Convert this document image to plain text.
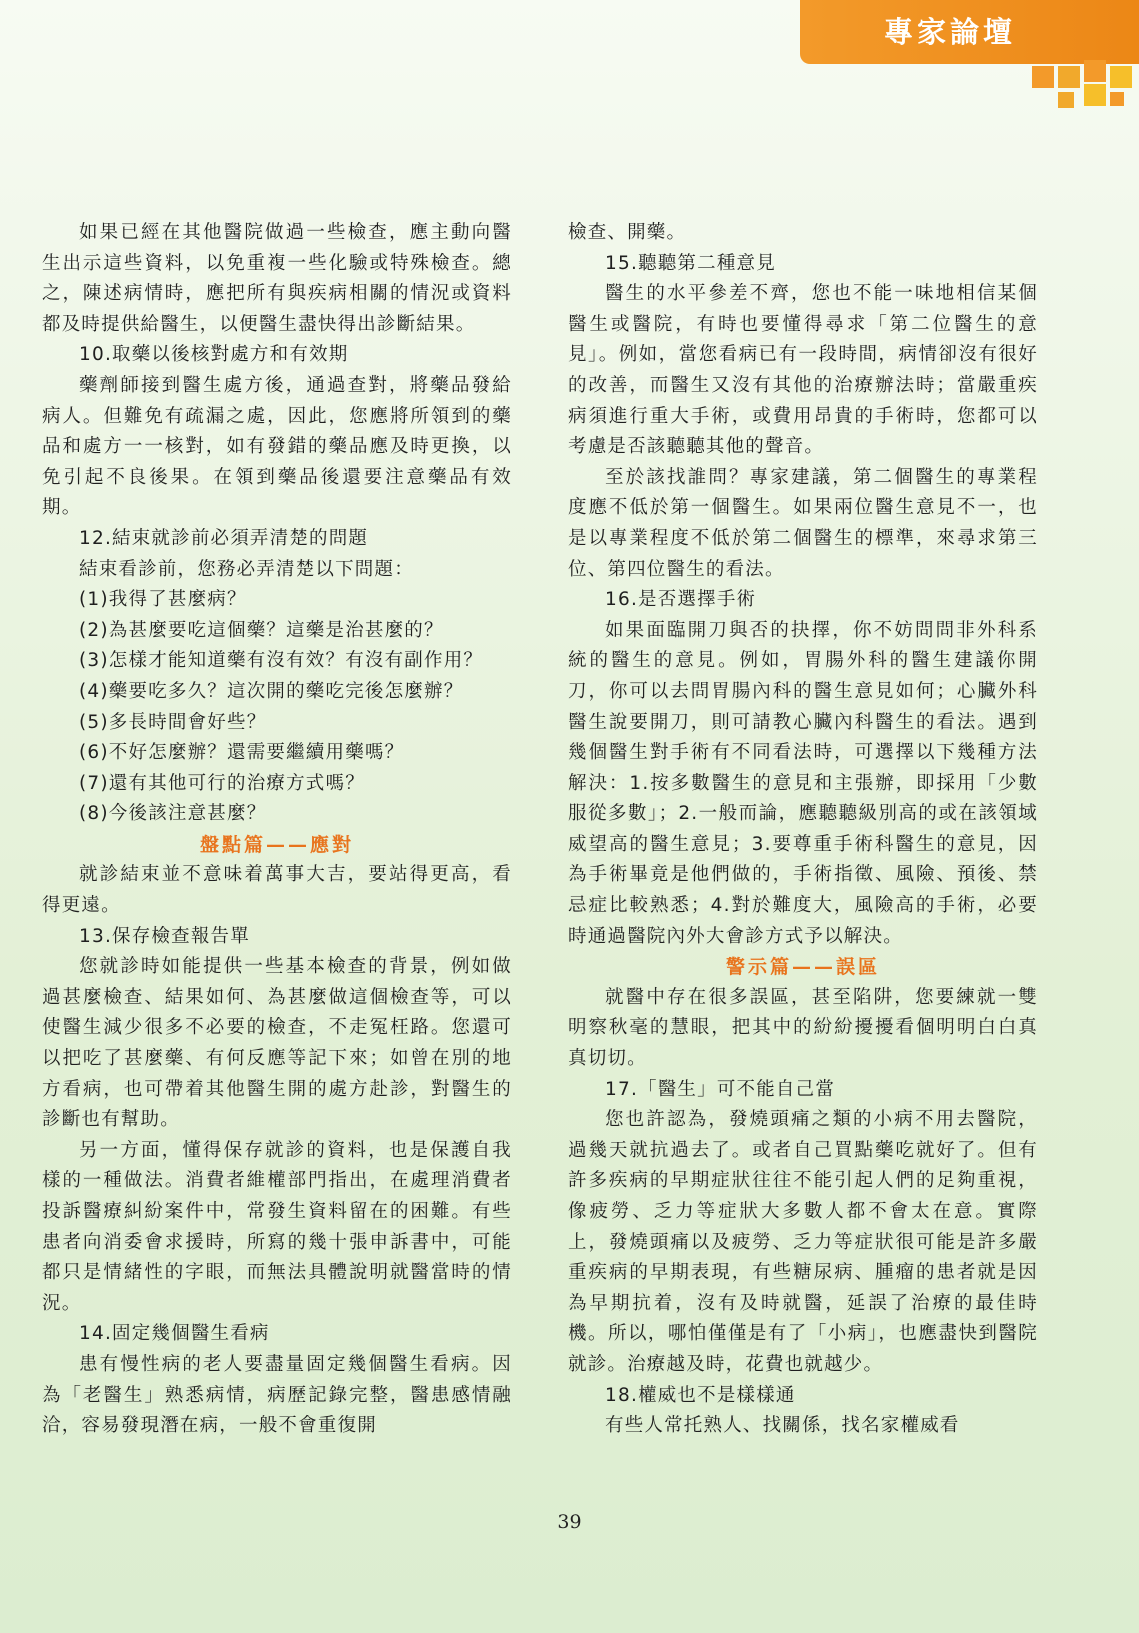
專家論壇

如果已經在其他醫院做過一些檢查，應主動向醫生出示這些資料，以免重複一些化驗或特殊檢查。總之，陳述病情時，應把所有與疾病相關的情況或資料都及時提供給醫生，以便醫生盡快得出診斷結果。

10.取藥以後核對處方和有效期

藥劑師接到醫生處方後，通過查對，將藥品發給病人。但難免有疏漏之處，因此，您應將所領到的藥品和處方一一核對，如有發錯的藥品應及時更換，以免引起不良後果。在領到藥品後還要注意藥品有效期。

12.結束就診前必須弄清楚的問題

結束看診前，您務必弄清楚以下問題：

(1)我得了甚麼病？

(2)為甚麼要吃這個藥？這藥是治甚麼的？

(3)怎樣才能知道藥有沒有效？有沒有副作用？

(4)藥要吃多久？這次開的藥吃完後怎麼辦？

(5)多長時間會好些？

(6)不好怎麼辦？還需要繼續用藥嗎？

(7)還有其他可行的治療方式嗎？

(8)今後該注意甚麼？

盤點篇——應對

就診結束並不意味着萬事大吉，要站得更高，看得更遠。

13.保存檢查報告單

您就診時如能提供一些基本檢查的背景，例如做過甚麼檢查、結果如何、為甚麼做這個檢查等，可以使醫生減少很多不必要的檢查，不走冤枉路。您還可以把吃了甚麼藥、有何反應等記下來；如曾在別的地方看病，也可帶着其他醫生開的處方赴診，對醫生的診斷也有幫助。

另一方面，懂得保存就診的資料，也是保護自我樣的一種做法。消費者維權部門指出，在處理消費者投訴醫療糾紛案件中，常發生資料留在的困難。有些患者向消委會求援時，所寫的幾十張申訴書中，可能都只是情緒性的字眼，而無法具體說明就醫當時的情況。

14.固定幾個醫生看病

患有慢性病的老人要盡量固定幾個醫生看病。因為「老醫生」熟悉病情，病歷記錄完整，醫患感情融洽，容易發現潛在病，一般不會重復開

檢查、開藥。

15.聽聽第二種意見

醫生的水平參差不齊，您也不能一味地相信某個醫生或醫院，有時也要懂得尋求「第二位醫生的意見」。例如，當您看病已有一段時間，病情卻沒有很好的改善，而醫生又沒有其他的治療辦法時；當嚴重疾病須進行重大手術，或費用昂貴的手術時，您都可以考慮是否該聽聽其他的聲音。

至於該找誰問？專家建議，第二個醫生的專業程度應不低於第一個醫生。如果兩位醫生意見不一，也是以專業程度不低於第二個醫生的標準，來尋求第三位、第四位醫生的看法。

16.是否選擇手術

如果面臨開刀與否的抉擇，你不妨問問非外科系統的醫生的意見。例如，胃腸外科的醫生建議你開刀，你可以去問胃腸內科的醫生意見如何；心臟外科醫生說要開刀，則可請教心臟內科醫生的看法。遇到幾個醫生對手術有不同看法時，可選擇以下幾種方法解決：1.按多數醫生的意見和主張辦，即採用「少數服從多數」；2.一般而論，應聽聽級別高的或在該領域威望高的醫生意見；3.要尊重手術科醫生的意見，因為手術畢竟是他們做的，手術指徵、風險、預後、禁忌症比較熟悉；4.對於難度大，風險高的手術，必要時通過醫院內外大會診方式予以解決。

警示篇——誤區

就醫中存在很多誤區，甚至陷阱，您要練就一雙明察秋毫的慧眼，把其中的紛紛擾擾看個明明白白真真切切。

17.「醫生」可不能自己當

您也許認為，發燒頭痛之類的小病不用去醫院，過幾天就抗過去了。或者自己買點藥吃就好了。但有許多疾病的早期症狀往往不能引起人們的足夠重視，像疲勞、乏力等症狀大多數人都不會太在意。實際上，發燒頭痛以及疲勞、乏力等症狀很可能是許多嚴重疾病的早期表現，有些糖尿病、腫瘤的患者就是因為早期抗着，沒有及時就醫，延誤了治療的最佳時機。所以，哪怕僅僅是有了「小病」，也應盡快到醫院就診。治療越及時，花費也就越少。

18.權威也不是樣樣通

有些人常托熟人、找關係，找名家權威看

39
